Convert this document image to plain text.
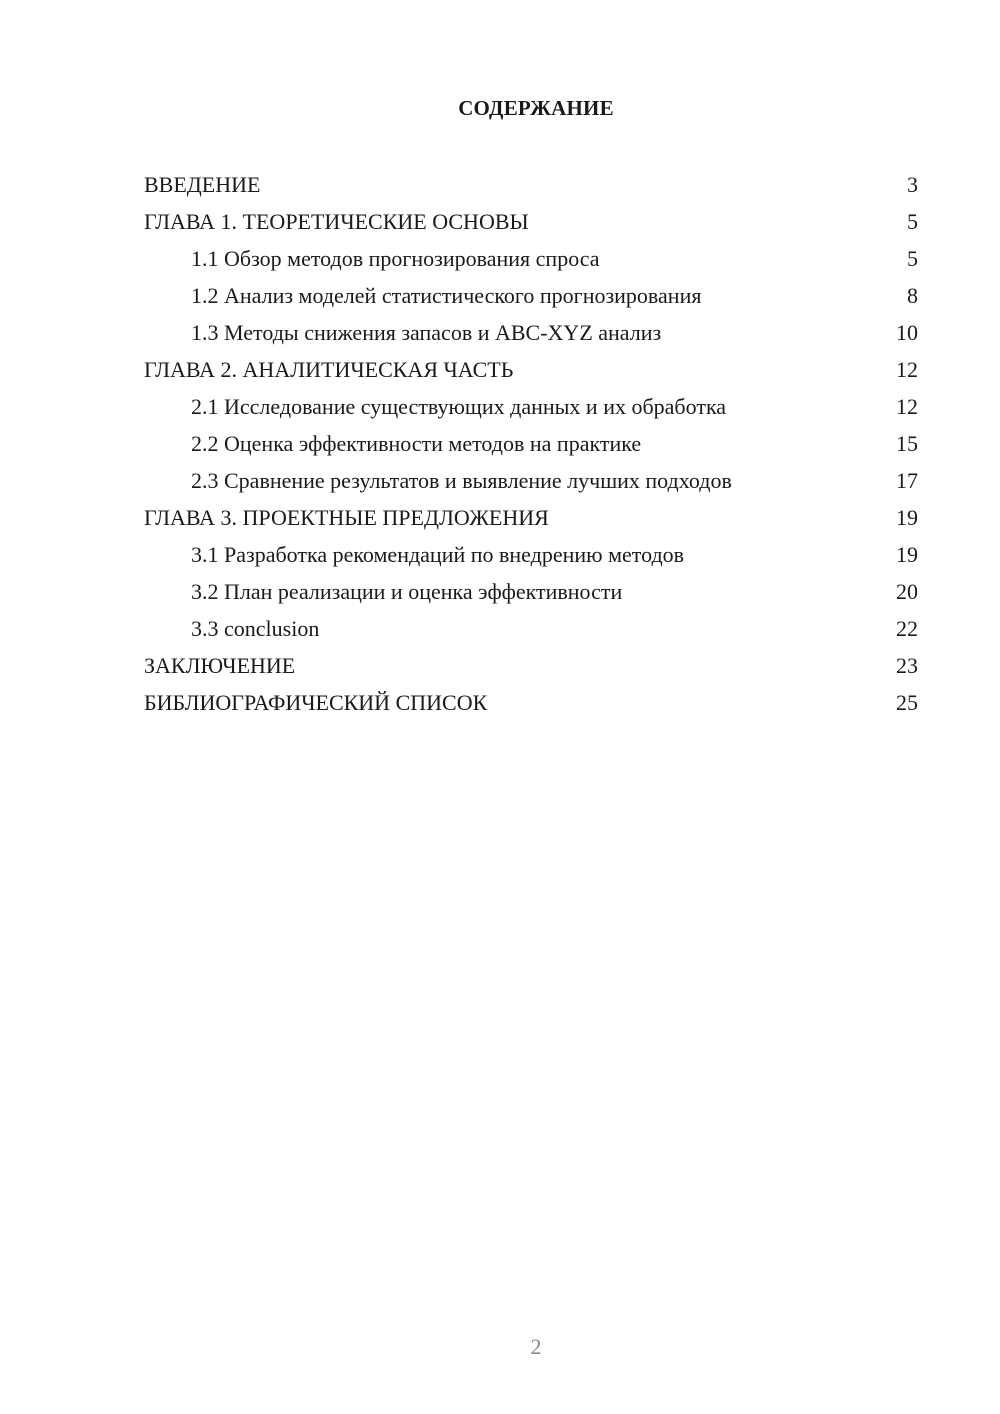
СОДЕРЖАНИЕ
ВВЕДЕНИЕ	3
ГЛАВА 1. ТЕОРЕТИЧЕСКИЕ ОСНОВЫ	5
1.1 Обзор методов прогнозирования спроса	5
1.2 Анализ моделей статистического прогнозирования	8
1.3 Методы снижения запасов и ABC-XYZ анализ	10
ГЛАВА 2. АНАЛИТИЧЕСКАЯ ЧАСТЬ	12
2.1 Исследование существующих данных и их обработка	12
2.2 Оценка эффективности методов на практике	15
2.3 Сравнение результатов и выявление лучших подходов	17
ГЛАВА 3. ПРОЕКТНЫЕ ПРЕДЛОЖЕНИЯ	19
3.1 Разработка рекомендаций по внедрению методов	19
3.2 План реализации и оценка эффективности	20
3.3 conclusion	22
ЗАКЛЮЧЕНИЕ	23
БИБЛИОГРАФИЧЕСКИЙ СПИСОК	25
2
